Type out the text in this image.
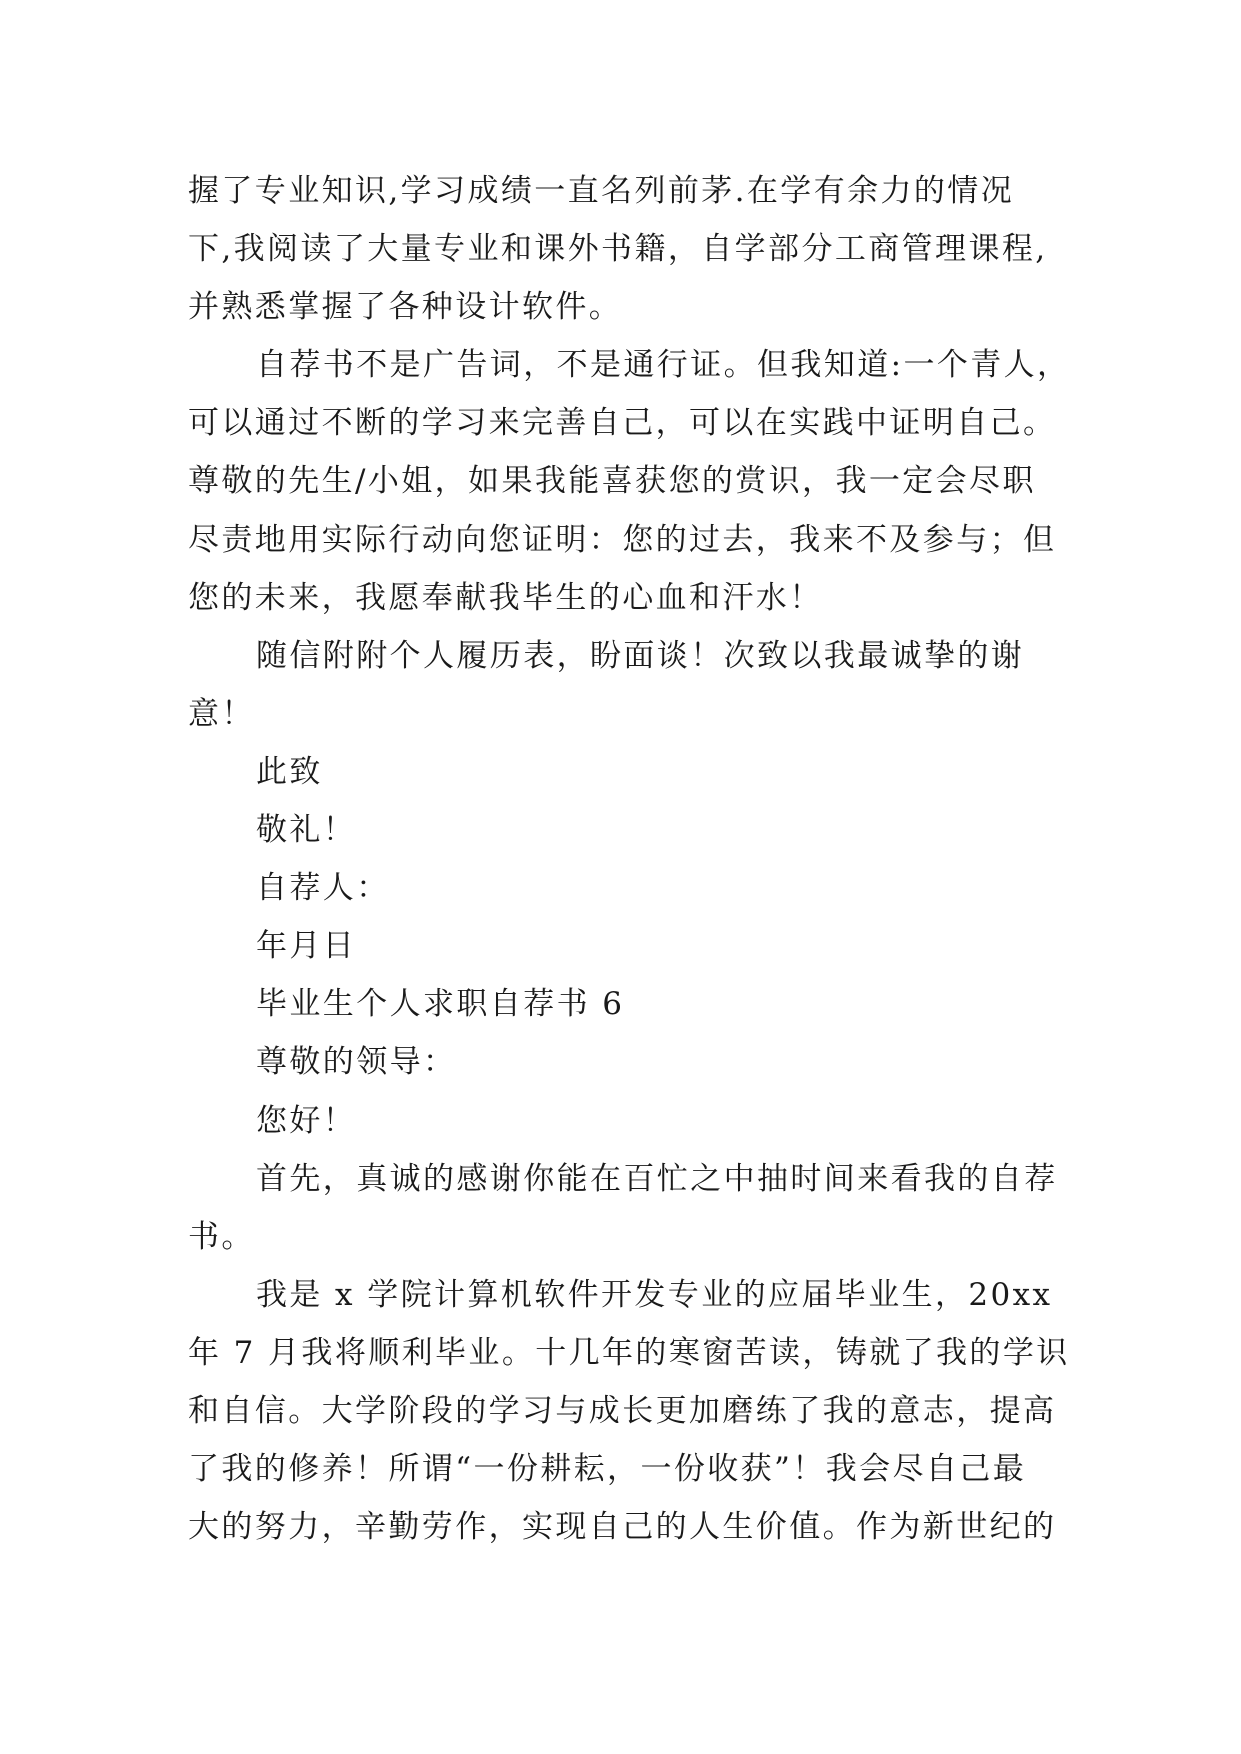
握了专业知识,学习成绩一直名列前茅.在学有余力的情况
下,我阅读了大量专业和课外书籍，自学部分工商管理课程,
并熟悉掌握了各种设计软件。
自荐书不是广告词，不是通行证。但我知道:一个青人，
可以通过不断的学习来完善自己，可以在实践中证明自己。
尊敬的先生/小姐，如果我能喜获您的赏识，我一定会尽职
尽责地用实际行动向您证明：您的过去，我来不及参与；但
您的未来，我愿奉献我毕生的心血和汗水！
随信附附个人履历表，盼面谈！次致以我最诚挚的谢
意！
此致
敬礼！
自荐人：
年月日
毕业生个人求职自荐书 6
尊敬的领导：
您好！
首先，真诚的感谢你能在百忙之中抽时间来看我的自荐
书。
我是 x 学院计算机软件开发专业的应届毕业生，20xx
年 7 月我将顺利毕业。十几年的寒窗苦读，铸就了我的学识
和自信。大学阶段的学习与成长更加磨练了我的意志，提高
了我的修养！所谓“一份耕耘，一份收获”！我会尽自己最
大的努力，辛勤劳作，实现自己的人生价值。作为新世纪的
